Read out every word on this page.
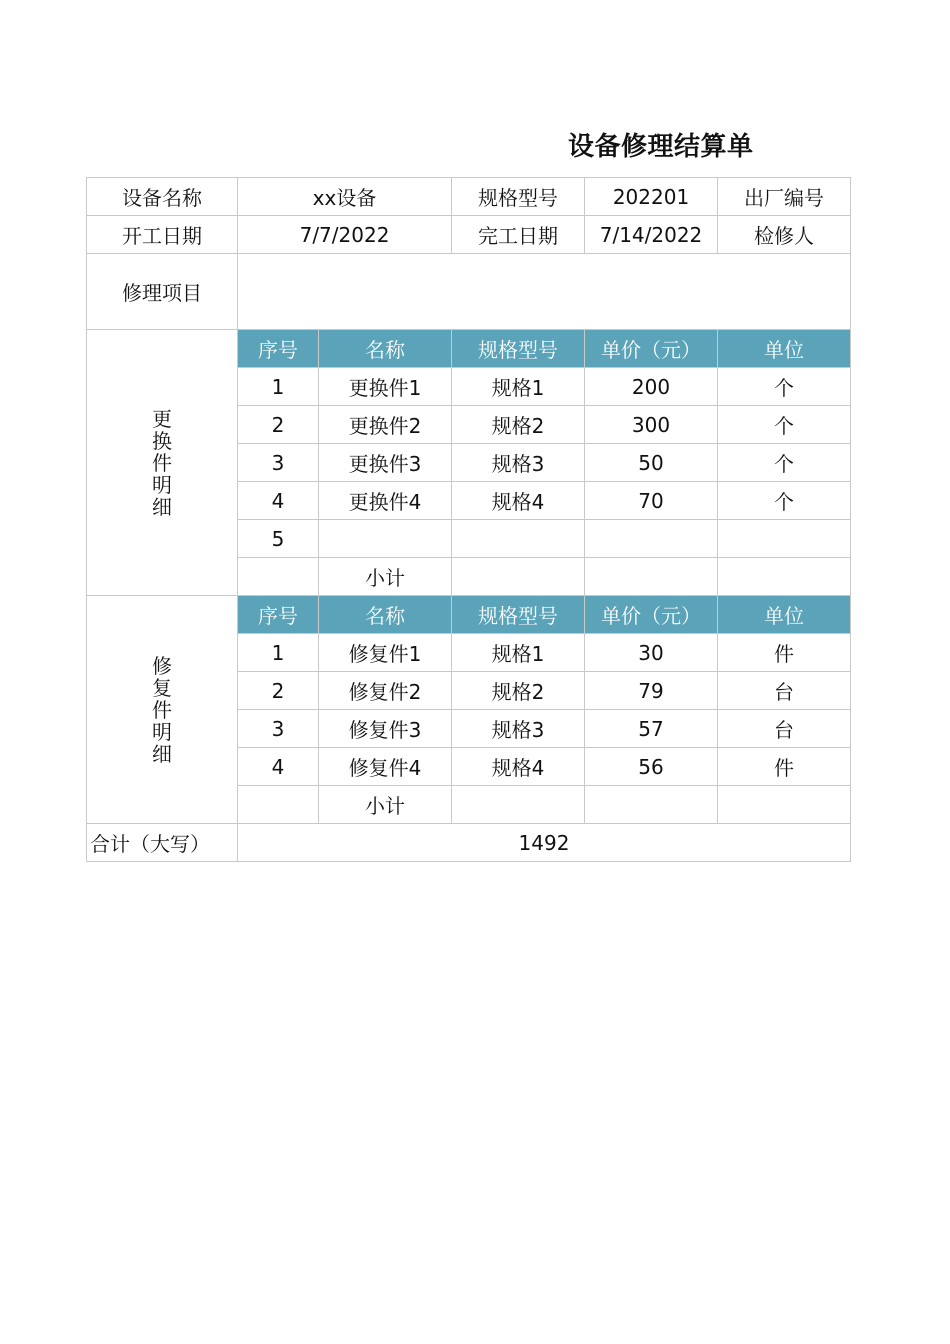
设备修理结算单
设备名称	xx设备		规格型号	202201	出厂编号
开工日期	7/7/2022		完工日期	7/14/2022	检修人
修理项目					
更换件明细	序号	名称	规格型号	单价（元）	单位
	1	更换件1	规格1	200	个
	2	更换件2	规格2	300	个
	3	更换件3	规格3	50	个
	4	更换件4	规格4	70	个
	5				
		小计			
修复件明细	序号	名称	规格型号	单价（元）	单位
	1	修复件1	规格1	30	件
	2	修复件2	规格2	79	台
	3	修复件3	规格3	57	台
	4	修复件4	规格4	56	件
		小计			
合计（大写）	1492				
